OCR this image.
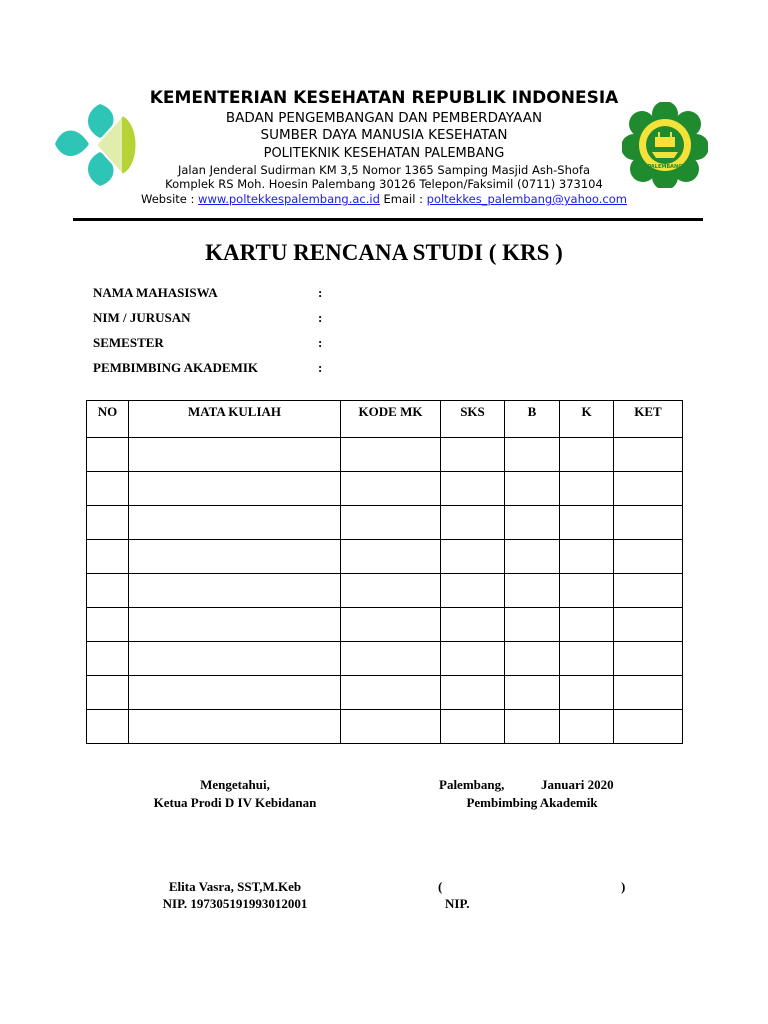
PALEMBANG
KEMENTERIAN KESEHATAN REPUBLIK INDONESIA
BADAN PENGEMBANGAN DAN PEMBERDAYAAN
SUMBER DAYA MANUSIA KESEHATAN
POLITEKNIK KESEHATAN PALEMBANG
Jalan Jenderal Sudirman KM 3,5 Nomor 1365 Samping Masjid Ash-Shofa
Komplek RS Moh. Hoesin Palembang 30126 Telepon/Faksimil (0711) 373104
Website : www.poltekkespalembang.ac.id Email : poltekkes_palembang@yahoo.com
KARTU RENCANA STUDI ( KRS )
NAMA MAHASISWA	:
NIM / JURUSAN	:
SEMESTER	:
PEMBIMBING AKADEMIK	:
NO	MATA KULIAH	KODE MK	SKS	B	K	KET

Mengetahui,
Ketua Prodi D IV Kebidanan
Elita Vasra, SST,M.Keb
NIP. 197305191993012001
Palembang,	Januari 2020
Pembimbing Akademik
(	)
NIP.
